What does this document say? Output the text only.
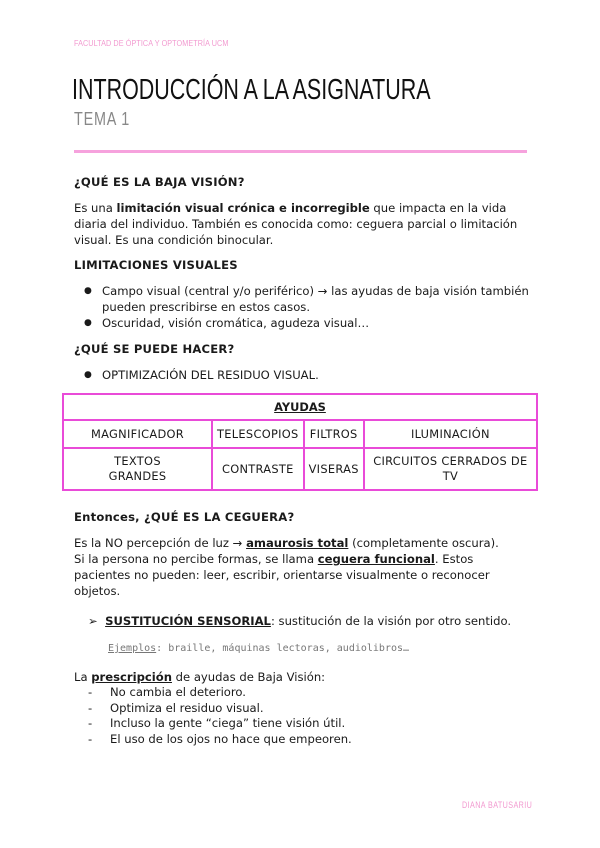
FACULTAD DE ÓPTICA Y OPTOMETRÍA UCM
INTRODUCCIÓN A LA ASIGNATURA
TEMA 1
¿QUÉ ES LA BAJA VISIÓN?

Es una limitación visual crónica e incorregible que impacta en la vida diaria del individuo. También es conocida como: ceguera parcial o limitación visual. Es una condición binocular.

LIMITACIONES VISUALES
● Campo visual (central y/o periférico) → las ayudas de baja visión también pueden prescribirse en estos casos.
● Oscuridad, visión cromática, agudeza visual…
¿QUÉ SE PUEDE HACER?
● OPTIMIZACIÓN DEL RESIDUO VISUAL.
AYUDAS			
MAGNIFICADOR	TELESCOPIOS	FILTROS	ILUMINACIÓN
TEXTOS GRANDES	CONTRASTE	VISERAS	CIRCUITOS CERRADOS DE TV
Entonces, ¿QUÉ ES LA CEGUERA?

Es la NO percepción de luz → amaurosis total (completamente oscura).
Si la persona no percibe formas, se llama ceguera funcional. Estos pacientes no pueden: leer, escribir, orientarse visualmente o reconocer objetos.

➢ SUSTITUCIÓN SENSORIAL: sustitución de la visión por otro sentido.
Ejemplos: braille, máquinas lectoras, audiolibros…

La prescripción de ayudas de Baja Visión:

- No cambia el deterioro.
- Optimiza el residuo visual.
- Incluso la gente “ciega” tiene visión útil.
- El uso de los ojos no hace que empeoren.
DIANA BATUSARIU
